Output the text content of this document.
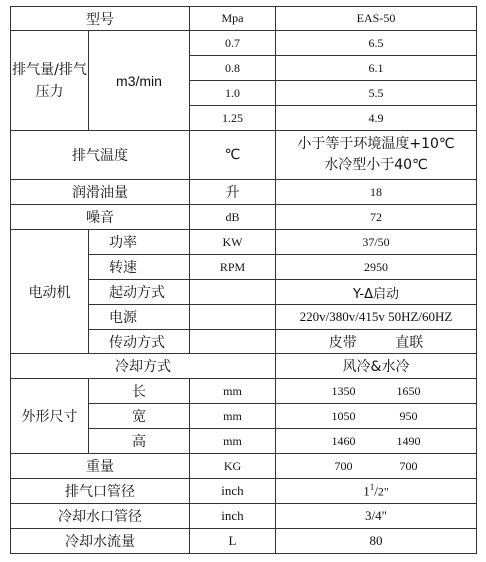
型号		Mpa	EAS-50
排气量/排气压力	m3/min	0.7	6.5
		0.8	6.1
		1.0	5.5
		1.25	4.9
排气温度		℃	小于等于环境温度+10℃
水冷型小于40℃

润滑油量		升	18
噪音		dB	72
电动机	功率	KW	37/50
	转速	RPM	2950
	起动方式		Y-Δ启动
	电源		220v/380v/415v 50HZ/60HZ
	传动方式		皮带 直联
冷却方式			风冷&水冷
外形尺寸	长	mm	1350 1650
	宽	mm	1050 950
	高	mm	1460 1490
重量		KG	700 700
排气口管径		inch	$1^1/2$"
冷却水口管径		inch	3/4"
冷却水流量		L	80
